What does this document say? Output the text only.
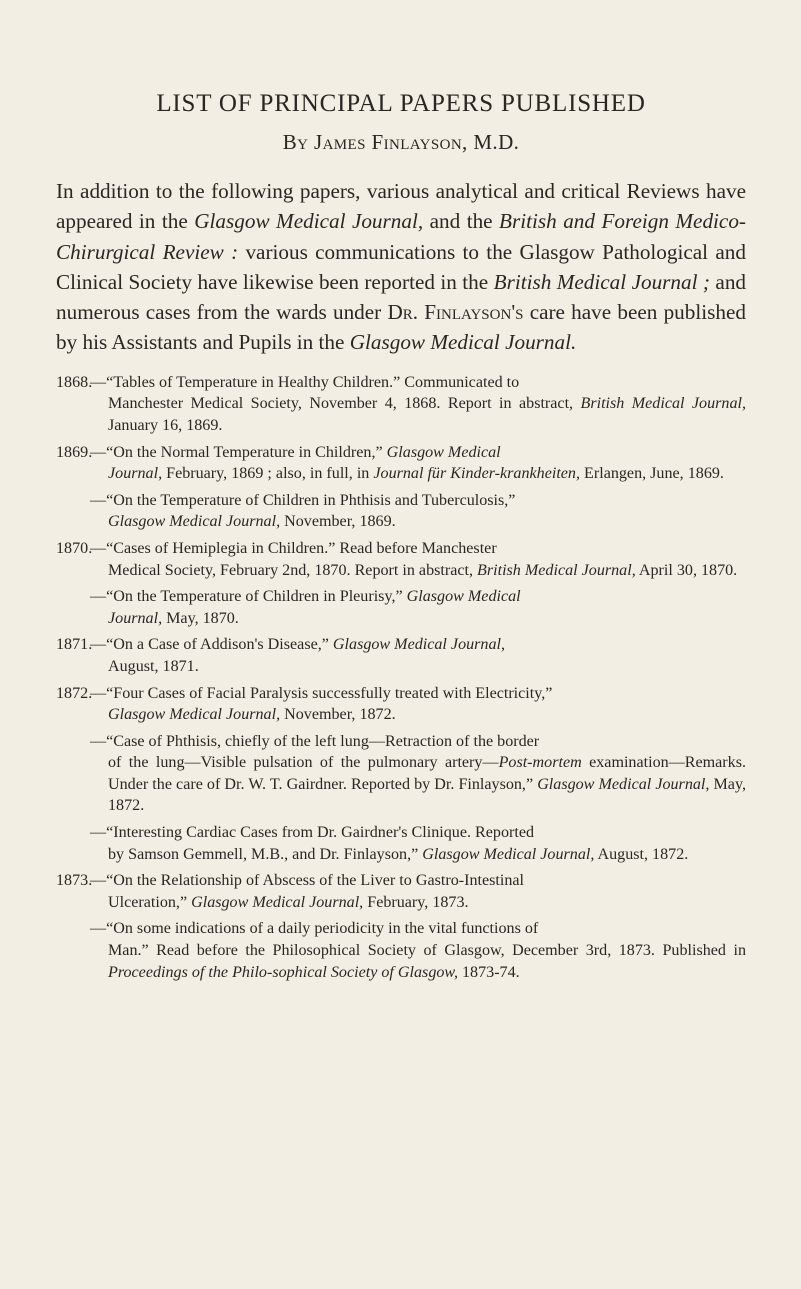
LIST OF PRINCIPAL PAPERS PUBLISHED

By James Finlayson, M.D.

In addition to the following papers, various analytical and critical Reviews have appeared in the Glasgow Medical Journal, and the British and Foreign Medico-Chirurgical Review : various communications to the Glasgow Pathological and Clinical Society have likewise been reported in the British Medical Journal ; and numerous cases from the wards under Dr. Finlayson's care have been published by his Assistants and Pupils in the Glasgow Medical Journal.

1868.
—“Tables of Temperature in Healthy Children.” Communicated to
Manchester Medical Society, November 4, 1868. Report in abstract, British Medical Journal, January 16, 1869.
1869.
—“On the Normal Temperature in Children,” Glasgow Medical
Journal, February, 1869 ; also, in full, in Journal für Kinder-krankheiten, Erlangen, June, 1869.
—“On the Temperature of Children in Phthisis and Tuberculosis,”
Glasgow Medical Journal, November, 1869.
1870.
—“Cases of Hemiplegia in Children.” Read before Manchester
Medical Society, February 2nd, 1870. Report in abstract, British Medical Journal, April 30, 1870.
—“On the Temperature of Children in Pleurisy,” Glasgow Medical
Journal, May, 1870.
1871.
—“On a Case of Addison's Disease,” Glasgow Medical Journal,
August, 1871.
1872.
—“Four Cases of Facial Paralysis successfully treated with Electricity,”
Glasgow Medical Journal, November, 1872.
—“Case of Phthisis, chiefly of the left lung—Retraction of the border
of the lung—Visible pulsation of the pulmonary artery—Post-mortem examination—Remarks. Under the care of Dr. W. T. Gairdner. Reported by Dr. Finlayson,” Glasgow Medical Journal, May, 1872.
—“Interesting Cardiac Cases from Dr. Gairdner's Clinique. Reported
by Samson Gemmell, M.B., and Dr. Finlayson,” Glasgow Medical Journal, August, 1872.
1873.
—“On the Relationship of Abscess of the Liver to Gastro-Intestinal
Ulceration,” Glasgow Medical Journal, February, 1873.
—“On some indications of a daily periodicity in the vital functions of
Man.” Read before the Philosophical Society of Glasgow, December 3rd, 1873. Published in Proceedings of the Philo-sophical Society of Glasgow, 1873-74.
